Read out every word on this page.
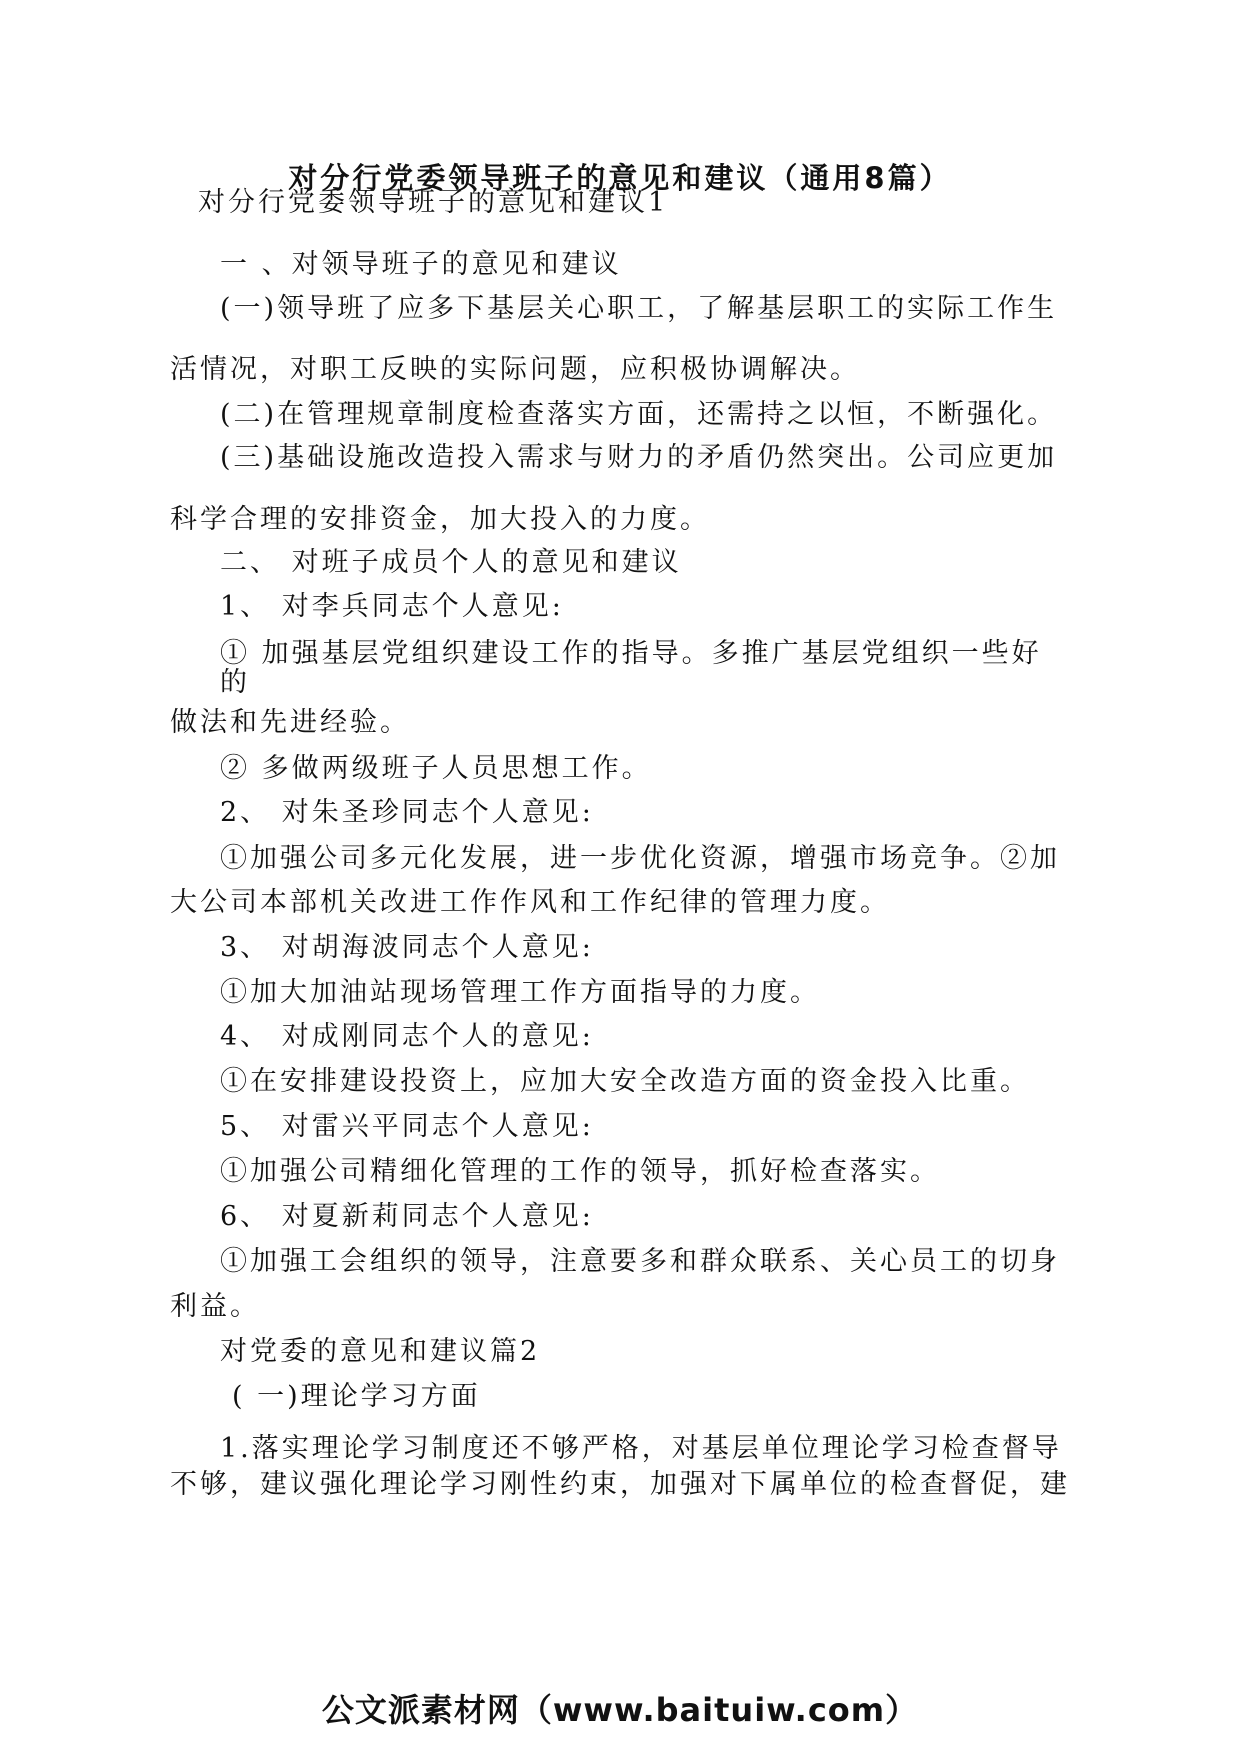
对分行党委领导班子的意见和建议（通用8篇）
对分行党委领导班子的意见和建议1
一 、对领导班子的意见和建议
(一)领导班了应多下基层关心职工，了解基层职工的实际工作生
活情况，对职工反映的实际问题，应积极协调解决。
(二)在管理规章制度检查落实方面，还需持之以恒，不断强化。
(三)基础设施改造投入需求与财力的矛盾仍然突出。公司应更加
科学合理的安排资金，加大投入的力度。
二、 对班子成员个人的意见和建议
1、 对李兵同志个人意见:
① 加强基层党组织建设工作的指导。多推广基层党组织一些好
的
做法和先进经验。
② 多做两级班子人员思想工作。
2、 对朱圣珍同志个人意见:
①加强公司多元化发展，进一步优化资源，增强市场竞争。②加
大公司本部机关改进工作作风和工作纪律的管理力度。
3、 对胡海波同志个人意见:
①加大加油站现场管理工作方面指导的力度。
4、 对成刚同志个人的意见:
①在安排建设投资上，应加大安全改造方面的资金投入比重。
5、 对雷兴平同志个人意见:
①加强公司精细化管理的工作的领导，抓好检查落实。
6、 对夏新莉同志个人意见:
①加强工会组织的领导，注意要多和群众联系、关心员工的切身
利益。
对党委的意见和建议篇2
( 一)理论学习方面
1.落实理论学习制度还不够严格，对基层单位理论学习检查督导
不够，建议强化理论学习刚性约束，加强对下属单位的检查督促，建
公文派素材网（www.baituiw.com）
